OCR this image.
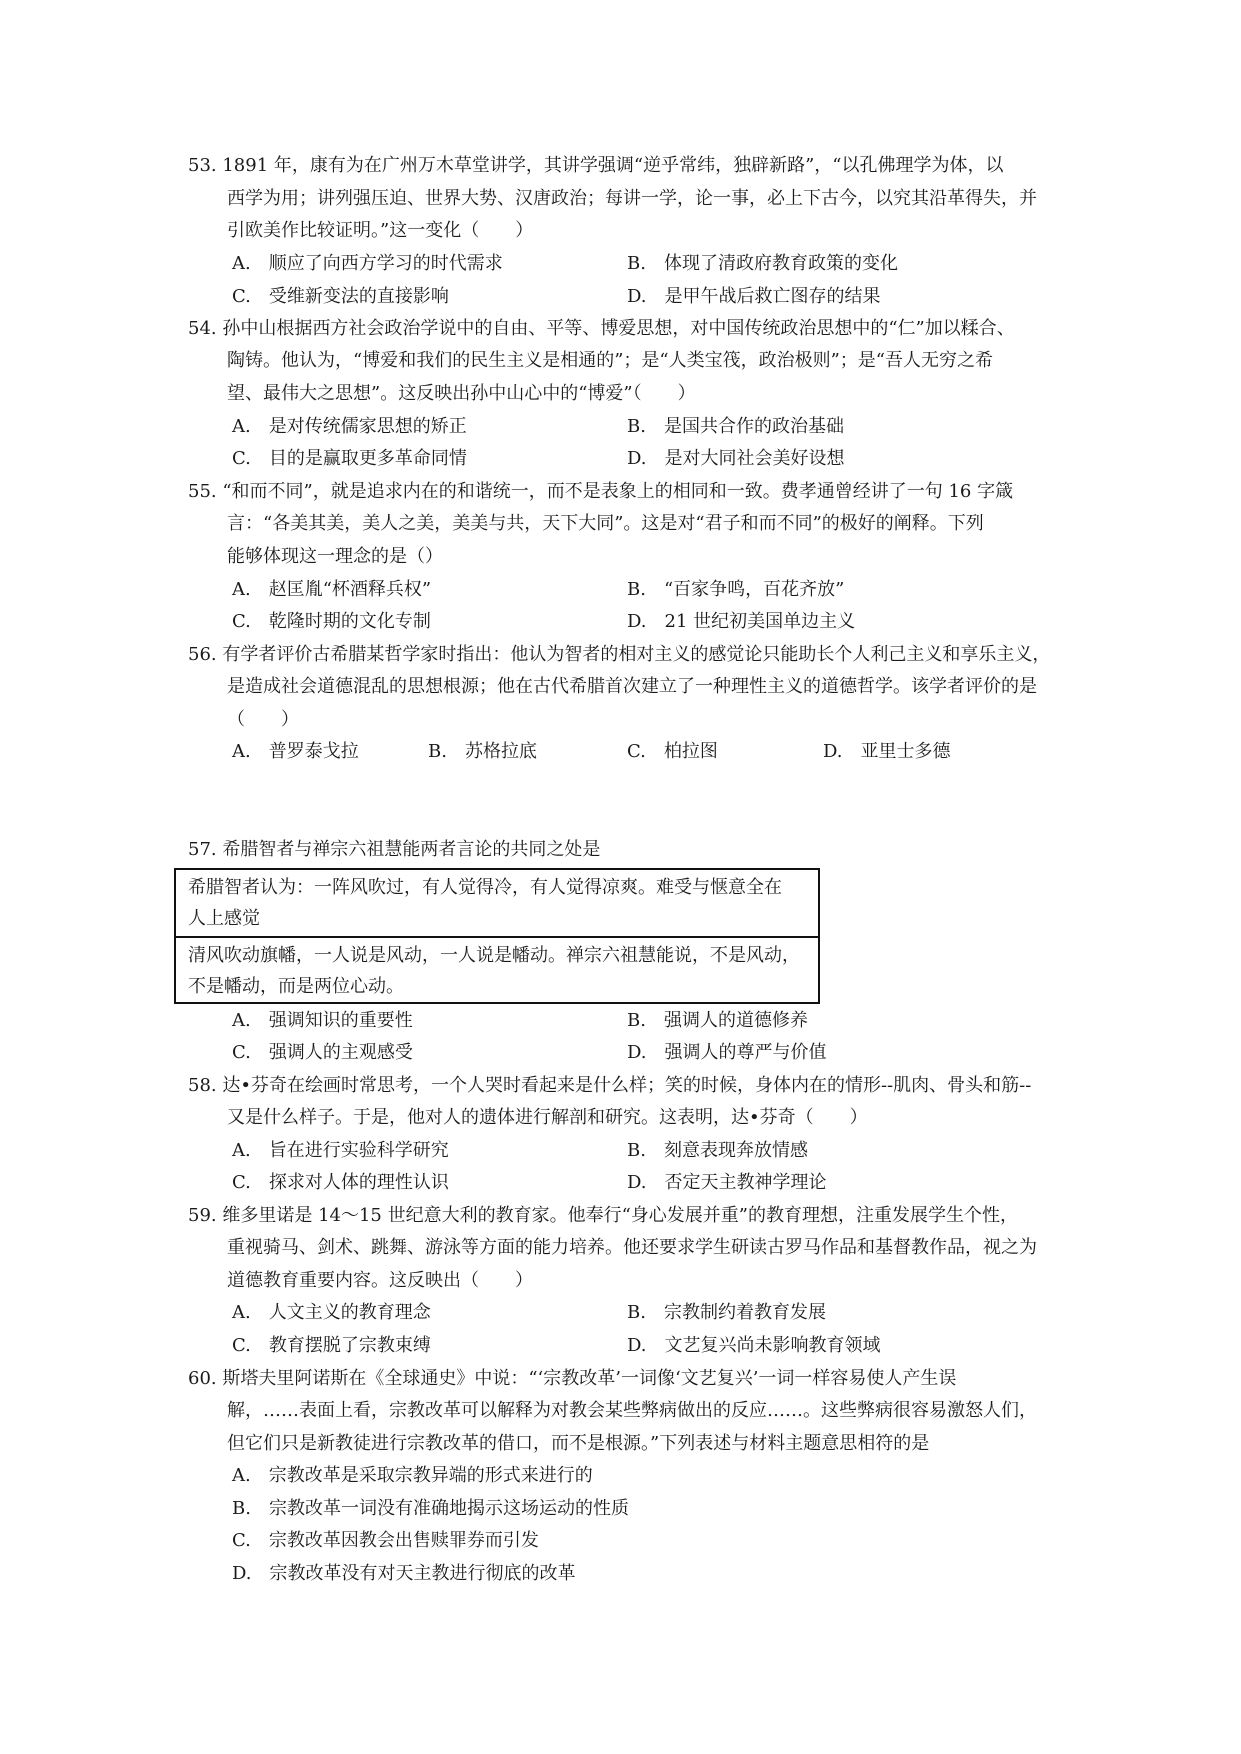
53. 1891 年，康有为在广州万木草堂讲学，其讲学强调“逆乎常纬，独辟新路”，“以孔佛理学为体，以
西学为用；讲列强压迫、世界大势、汉唐政治；每讲一学，论一事，必上下古今，以究其沿革得失，并
引欧美作比较证明。”这一变化（　　）
A.　顺应了向西方学习的时代需求	B.　体现了清政府教育政策的变化
C.　受维新变法的直接影响	D.　是甲午战后救亡图存的结果
54. 孙中山根据西方社会政治学说中的自由、平等、博爱思想，对中国传统政治思想中的“仁”加以糅合、
陶铸。他认为，“博爱和我们的民生主义是相通的”；是“人类宝筏，政治极则”；是“吾人无穷之希
望、最伟大之思想”。这反映出孙中山心中的“博爱”（　　）
A.　是对传统儒家思想的矫正	B.　是国共合作的政治基础
C.　目的是赢取更多革命同情	D.　是对大同社会美好设想
55. “和而不同”，就是追求内在的和谐统一，而不是表象上的相同和一致。费孝通曾经讲了一句 16 字箴
言：“各美其美，美人之美，美美与共，天下大同”。这是对“君子和而不同”的极好的阐释。下列
能够体现这一理念的是（）
A.　赵匡胤“杯酒释兵权”	B.　“百家争鸣，百花齐放”
C.　乾隆时期的文化专制	D.　21 世纪初美国单边主义
56. 有学者评价古希腊某哲学家时指出：他认为智者的相对主义的感觉论只能助长个人利己主义和享乐主义，
是造成社会道德混乱的思想根源；他在古代希腊首次建立了一种理性主义的道德哲学。该学者评价的是
（　　）
A.　普罗泰戈拉	B.　苏格拉底	C.　柏拉图	D.　亚里士多德
57. 希腊智者与禅宗六祖慧能两者言论的共同之处是
希腊智者认为：一阵风吹过，有人觉得冷，有人觉得凉爽。难受与惬意全在
人上感觉
清风吹动旗幡，一人说是风动，一人说是幡动。禅宗六祖慧能说，不是风动，
不是幡动，而是两位心动。
A.　强调知识的重要性	B.　强调人的道德修养
C.　强调人的主观感受	D.　强调人的尊严与价值
58. 达•芬奇在绘画时常思考，一个人哭时看起来是什么样；笑的时候，身体内在的情形--肌肉、骨头和筋--
又是什么样子。于是，他对人的遗体进行解剖和研究。这表明，达•芬奇（　　）
A.　旨在进行实验科学研究	B.　刻意表现奔放情感
C.　探求对人体的理性认识	D.　否定天主教神学理论
59. 维多里诺是 14～15 世纪意大利的教育家。他奉行“身心发展并重”的教育理想，注重发展学生个性，
重视骑马、剑术、跳舞、游泳等方面的能力培养。他还要求学生研读古罗马作品和基督教作品，视之为
道德教育重要内容。这反映出（　　）
A.　人文主义的教育理念	B.　宗教制约着教育发展
C.　教育摆脱了宗教束缚	D.　文艺复兴尚未影响教育领域
60. 斯塔夫里阿诺斯在《全球通史》中说：“‘宗教改革’一词像‘文艺复兴’一词一样容易使人产生误
解，……表面上看，宗教改革可以解释为对教会某些弊病做出的反应……。这些弊病很容易激怒人们，
但它们只是新教徒进行宗教改革的借口，而不是根源。”下列表述与材料主题意思相符的是
A.　宗教改革是采取宗教异端的形式来进行的
B.　宗教改革一词没有准确地揭示这场运动的性质
C.　宗教改革因教会出售赎罪券而引发
D.　宗教改革没有对天主教进行彻底的改革
